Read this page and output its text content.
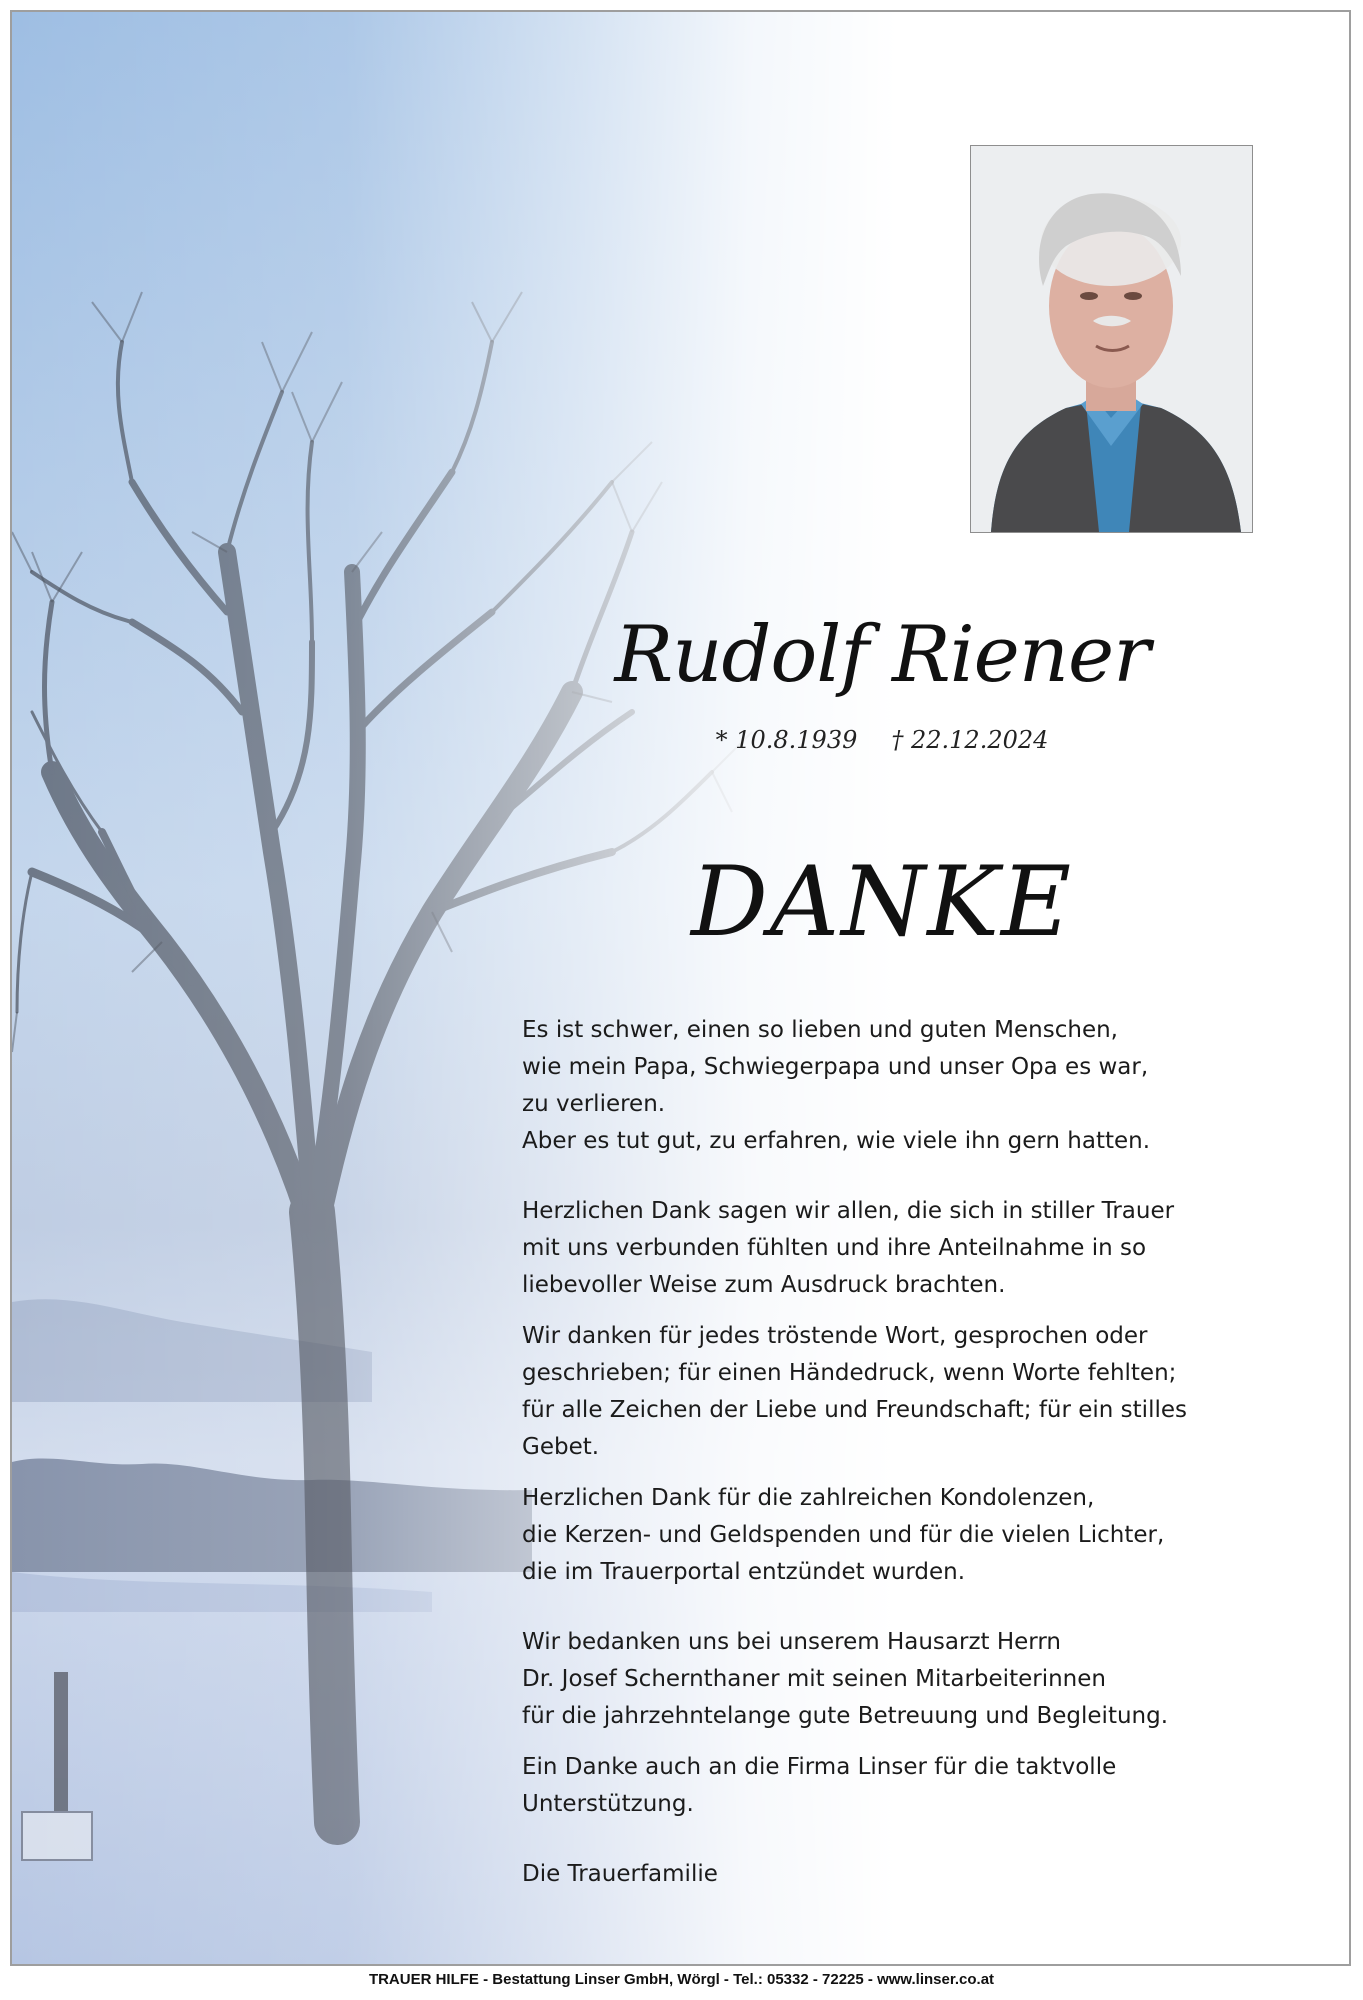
Rudolf Riener
* 10.8.1939 † 22.12.2024
DANKE

Es ist schwer, einen so lieben und guten Menschen,
wie mein Papa, Schwiegerpapa und unser Opa es war,
zu verlieren.
Aber es tut gut, zu erfahren, wie viele ihn gern hatten.

Herzlichen Dank sagen wir allen, die sich in stiller Trauer
mit uns verbunden fühlten und ihre Anteilnahme in so
liebevoller Weise zum Ausdruck brachten.

Wir danken für jedes tröstende Wort, gesprochen oder
geschrieben; für einen Händedruck, wenn Worte fehlten;
für alle Zeichen der Liebe und Freundschaft; für ein stilles
Gebet.

Herzlichen Dank für die zahlreichen Kondolenzen,
die Kerzen- und Geldspenden und für die vielen Lichter,
die im Trauerportal entzündet wurden.

Wir bedanken uns bei unserem Hausarzt Herrn
Dr. Josef Schernthaner mit seinen Mitarbeiterinnen
für die jahrzehntelange gute Betreuung und Begleitung.

Ein Danke auch an die Firma Linser für die taktvolle
Unterstützung.

Die Trauerfamilie

TRAUER HILFE - Bestattung Linser GmbH, Wörgl - Tel.: 05332 - 72225 - www.linser.co.at
